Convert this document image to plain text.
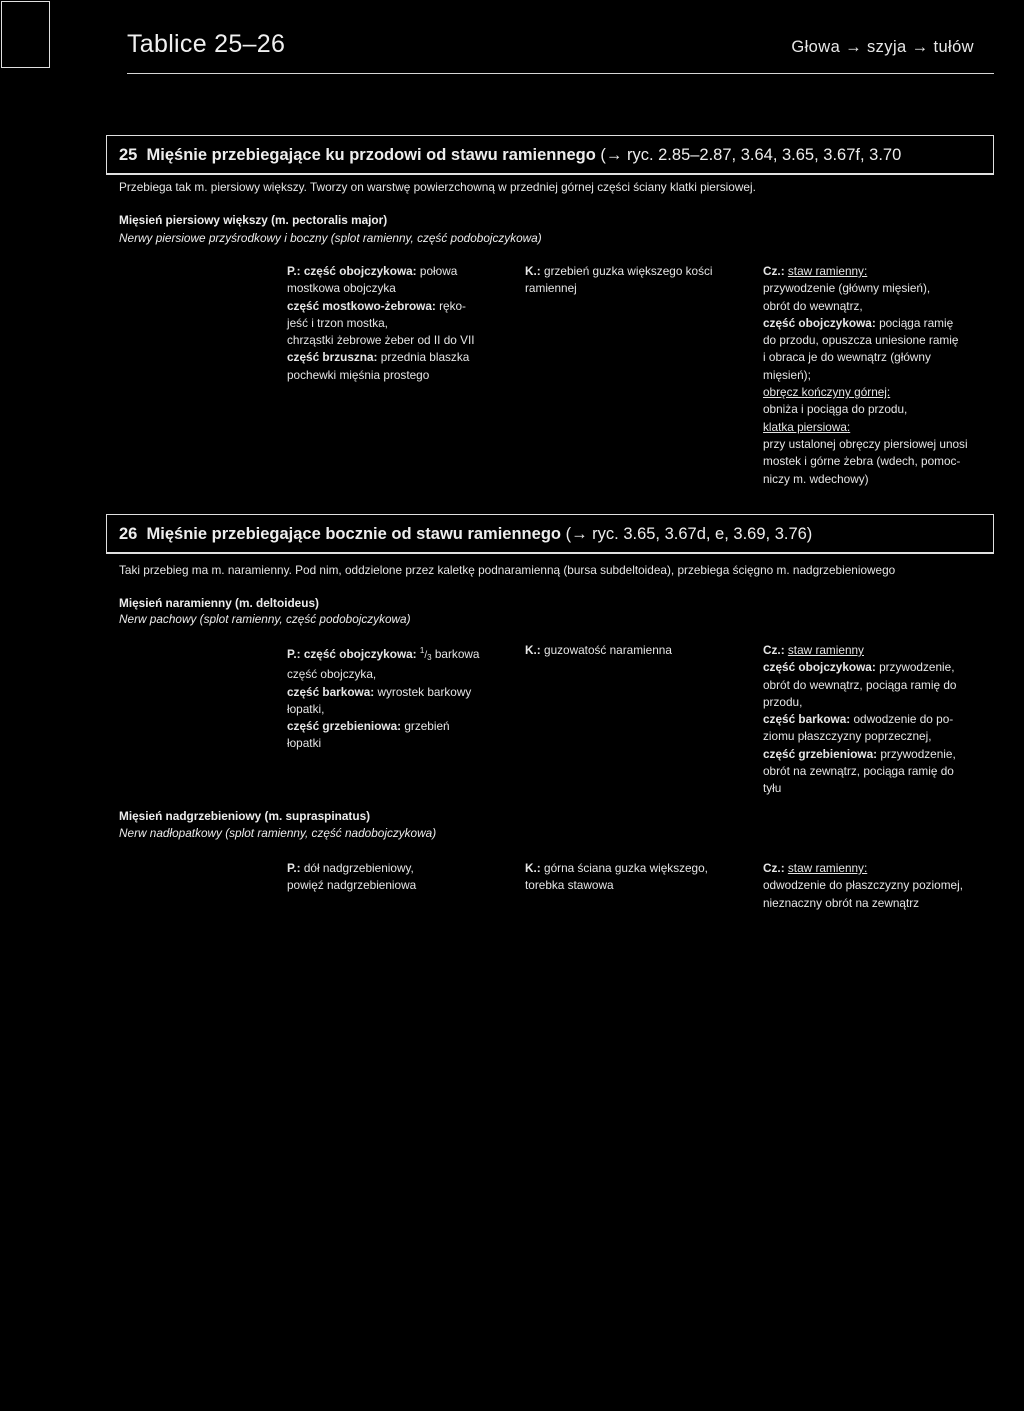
Tablice 25–26	Głowa → szyja → tułów
25 Mięśnie przebiegające ku przodowi od stawu ramiennego (→ ryc. 2.85–2.87, 3.64, 3.65, 3.67f, 3.70
Przebiega tak m. piersiowy większy. Tworzy on warstwę powierzchowną w przedniej górnej części ściany klatki piersiowej.
Mięsień piersiowy większy (m. pectoralis major)
Nerwy piersiowe przyśrodkowy i boczny (splot ramienny, część podobojczykowa)
P.: część obojczykowa: połowa
mostkowa obojczyka
część mostkowo-żebrowa: ręko-
jeść i trzon mostka,
chrząstki żebrowe żeber od II do VII
część brzuszna: przednia blaszka
pochewki mięśnia prostego
K.: grzebień guzka większego kości
ramiennej
Cz.: staw ramienny:
przywodzenie (główny mięsień),
obrót do wewnątrz,
część obojczykowa: pociąga ramię
do przodu, opuszcza uniesione ramię
i obraca je do wewnątrz (główny
mięsień);
obręcz kończyny górnej:
obniża i pociąga do przodu,
klatka piersiowa:
przy ustalonej obręczy piersiowej unosi
mostek i górne żebra (wdech, pomoc-
niczy m. wdechowy)
26 Mięśnie przebiegające bocznie od stawu ramiennego (→ ryc. 3.65, 3.67d, e, 3.69, 3.76)
Taki przebieg ma m. naramienny. Pod nim, oddzielone przez kaletkę podnaramienną (bursa subdeltoidea), przebiega ścięgno m. nadgrzebieniowego
Mięsień naramienny (m. deltoideus)
Nerw pachowy (splot ramienny, część podobojczykowa)
P.: część obojczykowa: $^1/_3$ barkowa
część obojczyka,
część barkowa: wyrostek barkowy
łopatki,
część grzebieniowa: grzebień
łopatki
K.: guzowatość naramienna	Cz.: staw ramienny
część obojczykowa: przywodzenie,
obrót do wewnątrz, pociąga ramię do
przodu,
część barkowa: odwodzenie do po-
ziomu płaszczyzny poprzecznej,
część grzebieniowa: przywodzenie,
obrót na zewnątrz, pociąga ramię do
tyłu
Mięsień nadgrzebieniowy (m. supraspinatus)
Nerw nadłopatkowy (splot ramienny, część nadobojczykowa)
P.: dół nadgrzebieniowy,
powięź nadgrzebieniowa
K.: górna ściana guzka większego,
torebka stawowa
Cz.: staw ramienny:
odwodzenie do płaszczyzny poziomej,
nieznaczny obrót na zewnątrz
